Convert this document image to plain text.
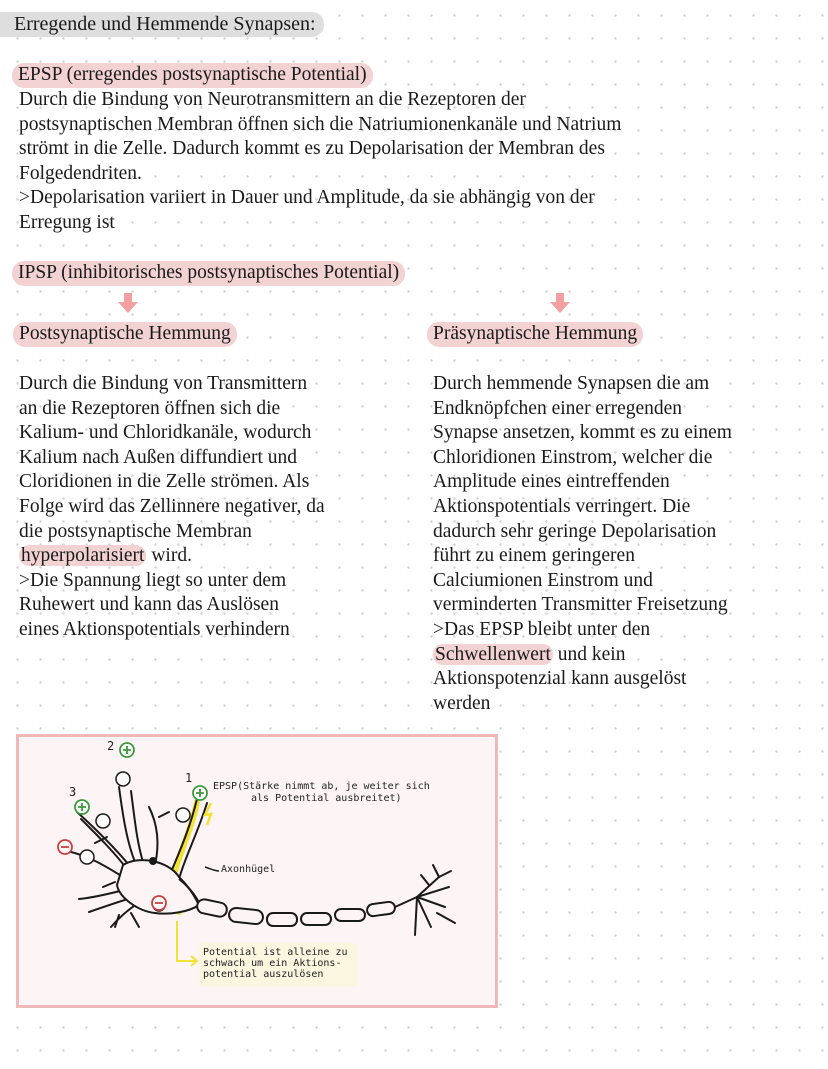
Erregende und Hemmende Synapsen:
EPSP (erregendes postsynaptische Potential)
Durch die Bindung von Neurotransmittern an die Rezeptoren der
postsynaptischen Membran öffnen sich die Natriumionenkanäle und Natrium
strömt in die Zelle. Dadurch kommt es zu Depolarisation der Membran des
Folgedendriten.
>Depolarisation variiert in Dauer und Amplitude, da sie abhängig von der
Erregung ist
IPSP (inhibitorisches postsynaptisches Potential)
Postsynaptische Hemmung
Durch die Bindung von Transmittern
an die Rezeptoren öffnen sich die
Kalium- und Chloridkanäle, wodurch
Kalium nach Außen diffundiert und
Cloridionen in die Zelle strömen. Als
Folge wird das Zellinnere negativer, da
die postsynaptische Membran
hyperpolarisiert wird.
>Die Spannung liegt so unter dem
Ruhewert und kann das Auslösen
eines Aktionspotentials verhindern
Präsynaptische Hemmung
Durch hemmende Synapsen die am
Endknöpfchen einer erregenden
Synapse ansetzen, kommt es zu einem
Chloridionen Einstrom, welcher die
Amplitude eines eintreffenden
Aktionspotentials verringert. Die
dadurch sehr geringe Depolarisation
führt zu einem geringeren
Calciumionen Einstrom und
verminderten Transmitter Freisetzung
>Das EPSP bleibt unter den
Schwellenwert und kein
Aktionspotenzial kann ausgelöst
werden
2
1
3	EPSP(Stärke nimmt ab, je weiter sich
als Potential ausbreitet)
Axonhügel
Potential ist alleine zu
schwach um ein Aktions-
potential auszulösen
